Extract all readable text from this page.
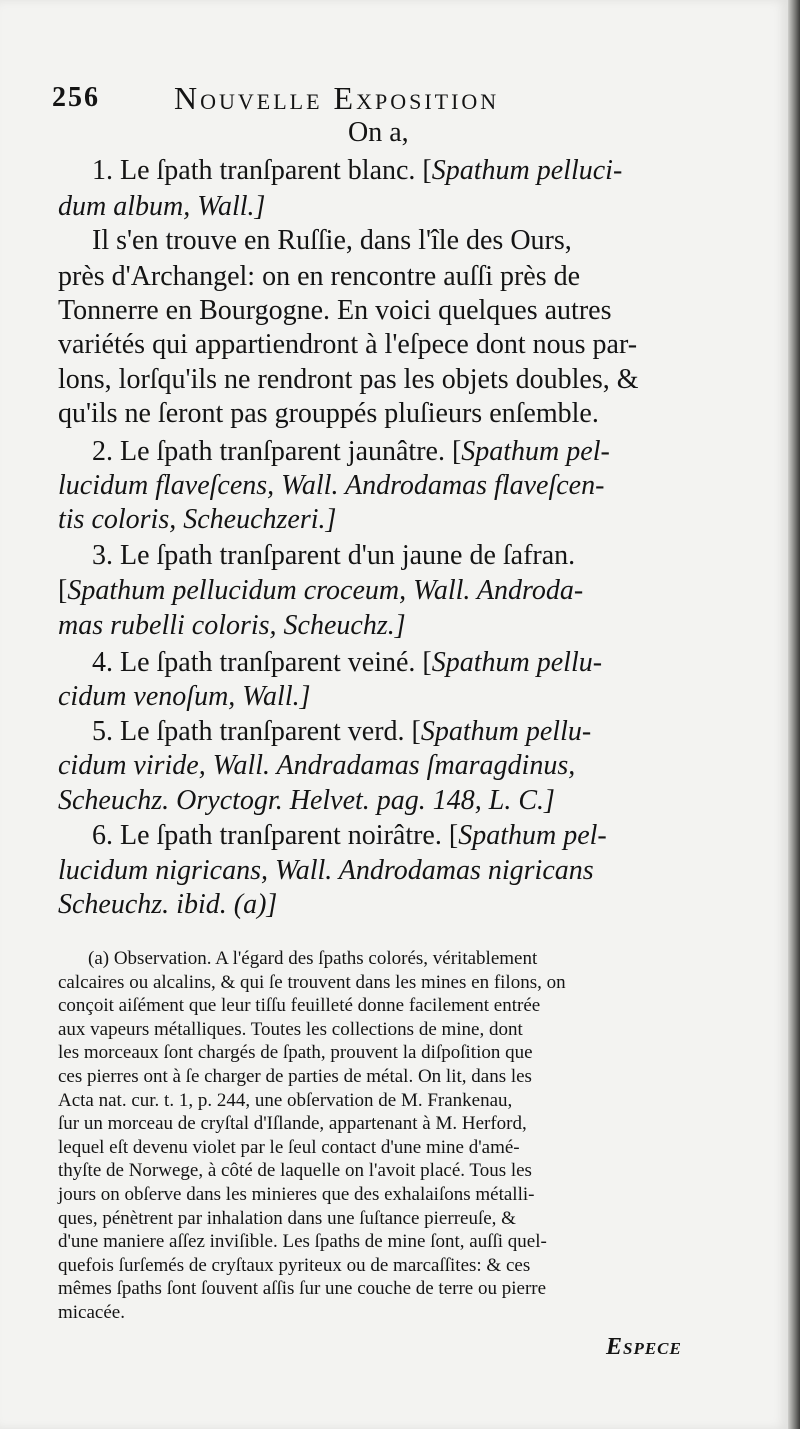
256 Nouvelle Exposition
On a,
1. Le ſpath tranſparent blanc. [Spathum pelluci-
dum album, Wall.]
Il s'en trouve en Ruſſie, dans l'île des Ours,
près d'Archangel: on en rencontre auſſi près de
Tonnerre en Bourgogne. En voici quelques autres
variétés qui appartiendront à l'eſpece dont nous par-
lons, lorſqu'ils ne rendront pas les objets doubles, &
qu'ils ne ſeront pas grouppés pluſieurs enſemble.
2. Le ſpath tranſparent jaunâtre. [Spathum pel-
lucidum flaveſcens, Wall. Androdamas flaveſcen-
tis coloris, Scheuchzeri.]
3. Le ſpath tranſparent d'un jaune de ſafran.
[Spathum pellucidum croceum, Wall. Androda-
mas rubelli coloris, Scheuchz.]
4. Le ſpath tranſparent veiné. [Spathum pellu-
cidum venoſum, Wall.]
5. Le ſpath tranſparent verd. [Spathum pellu-
cidum viride, Wall. Andradamas ſmaragdinus,
Scheuchz. Oryctogr. Helvet. pag. 148, L. C.]
6. Le ſpath tranſparent noirâtre. [Spathum pel-
lucidum nigricans, Wall. Androdamas nigricans
Scheuchz. ibid. (a)]
(a) Observation. A l'égard des ſpaths colorés, véritablement
calcaires ou alcalins, & qui ſe trouvent dans les mines en filons, on
conçoit aiſément que leur tiſſu feuilleté donne facilement entrée
aux vapeurs métalliques. Toutes les collections de mine, dont
les morceaux ſont chargés de ſpath, prouvent la diſpoſition que
ces pierres ont à ſe charger de parties de métal. On lit, dans les
Acta nat. cur. t. 1, p. 244, une obſervation de M. Frankenau,
ſur un morceau de cryſtal d'Iſlande, appartenant à M. Herford,
lequel eſt devenu violet par le ſeul contact d'une mine d'amé-
thyſte de Norwege, à côté de laquelle on l'avoit placé. Tous les
jours on obſerve dans les minieres que des exhalaiſons métalli-
ques, pénètrent par inhalation dans une ſuſtance pierreuſe, &
d'une maniere aſſez inviſible. Les ſpaths de mine ſont, auſſi quel-
quefois ſurſemés de cryſtaux pyriteux ou de marcaſſites: & ces
mêmes ſpaths ſont ſouvent aſſis ſur une couche de terre ou pierre
micacée.
Espece
